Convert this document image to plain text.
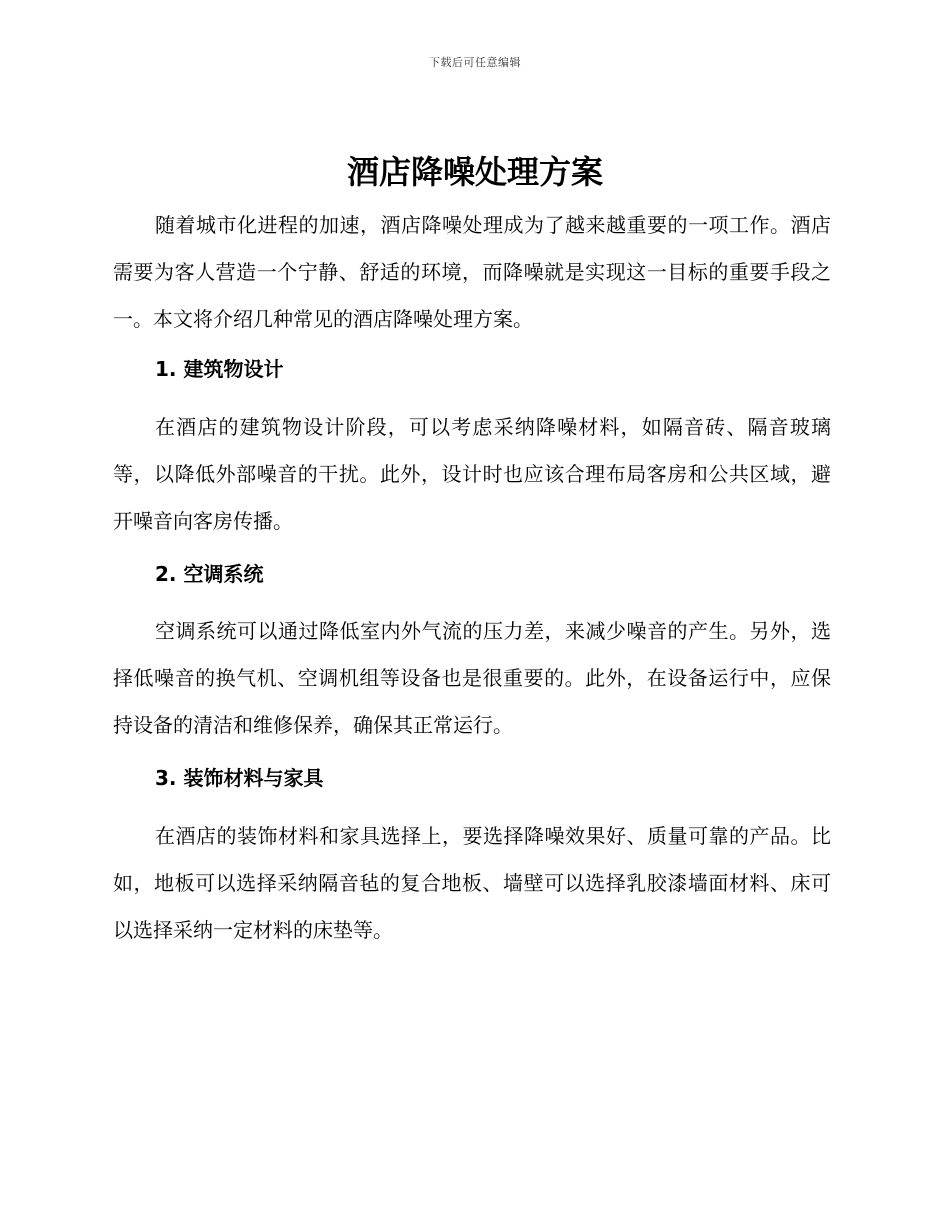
下载后可任意编辑
酒店降噪处理方案

随着城市化进程的加速，酒店降噪处理成为了越来越重要的一项工作。酒店需要为客人营造一个宁静、舒适的环境，而降噪就是实现这一目标的重要手段之一。本文将介绍几种常见的酒店降噪处理方案。

1. 建筑物设计

在酒店的建筑物设计阶段，可以考虑采纳降噪材料，如隔音砖、隔音玻璃等，以降低外部噪音的干扰。此外，设计时也应该合理布局客房和公共区域，避开噪音向客房传播。

2. 空调系统

空调系统可以通过降低室内外气流的压力差，来减少噪音的产生。另外，选择低噪音的换气机、空调机组等设备也是很重要的。此外，在设备运行中，应保持设备的清洁和维修保养，确保其正常运行。

3. 装饰材料与家具

在酒店的装饰材料和家具选择上，要选择降噪效果好、质量可靠的产品。比如，地板可以选择采纳隔音毡的复合地板、墙壁可以选择乳胶漆墙面材料、床可以选择采纳一定材料的床垫等。
